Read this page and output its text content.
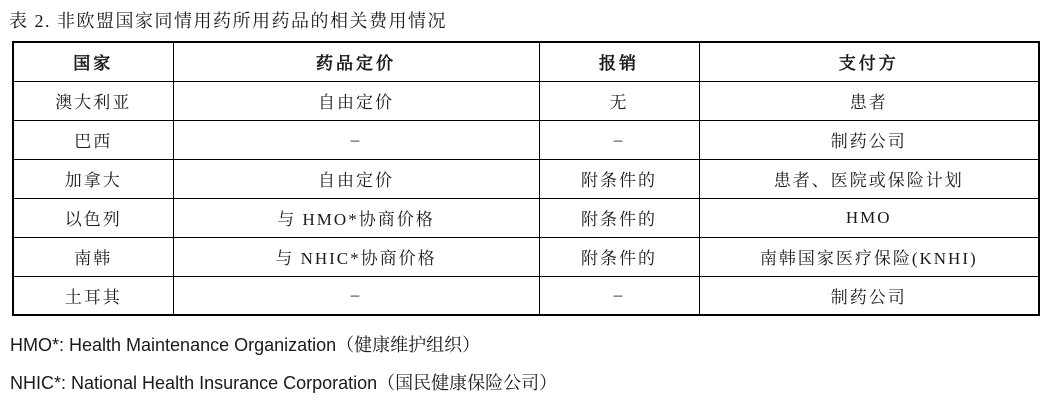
表 2. 非欧盟国家同情用药所用药品的相关费用情况
国家	药品定价	报销	支付方
澳大利亚	自由定价	无	患者
巴西	–	–	制药公司
加拿大	自由定价	附条件的	患者、医院或保险计划
以色列	与 HMO*协商价格	附条件的	HMO
南韩	与 NHIC*协商价格	附条件的	南韩国家医疗保险(KNHI)
土耳其	–	–	制药公司
HMO*: Health Maintenance Organization（健康维护组织）
NHIC*: National Health Insurance Corporation（国民健康保险公司）
